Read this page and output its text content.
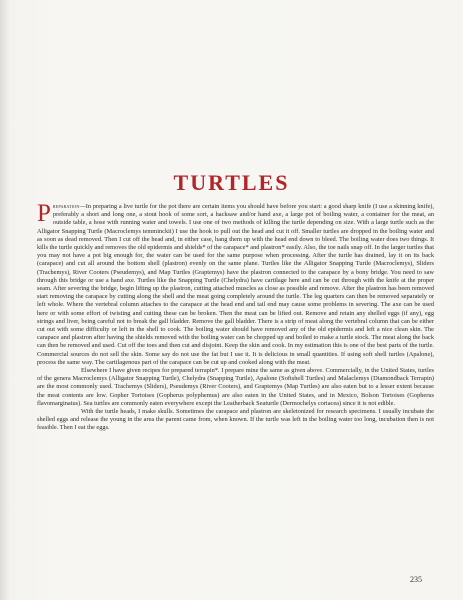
TURTLES

Preparation—In preparing a live turtle for the pot there are certain items you should have before you start: a good sharp knife (I use a skinning knife), preferably a short and long one, a stout hook of some sort, a hacksaw and/or hand axe, a large pot of boiling water, a container for the meat, an outside table, a hose with running water and towels. I use one of two methods of killing the turtle depending on size. With a large turtle such as the Alligator Snapping Turtle (Macroclemys temminckii) I use the hook to pull out the head and cut it off. Smaller turtles are dropped in the boiling water and as soon as dead removed. Then I cut off the head and, in either case, hang them up with the head end down to bleed. The boiling water does two things. It kills the turtle quickly and removes the old epidermis and shields* of the carapace* and plastron* easily. Also, the toe nails snap off. In the larger turtles that you may not have a pot big enough for, the water can be used for the same purpose when processing. After the turtle has drained, lay it on its back (carapace) and cut all around the bottom shell (plastron) evenly on the same plane. Turtles like the Alligator Snapping Turtle (Macroclemys), Sliders (Trachemys), River Cooters (Pseudemys), and Map Turtles (Graptemys) have the plastron connected to the carapace by a bony bridge. You need to saw through this bridge or use a hand axe. Turtles like the Snapping Turtle (Chelydra) have cartilage here and can be cut through with the knife at the proper seam. After severing the bridge, begin lifting up the plastron, cutting attached muscles as close as possible and remove. After the plastron has been removed start removing the carapace by cutting along the shell and the meat going completely around the turtle. The leg quarters can then be removed separately or left whole. Where the vertebral column attaches to the carapace at the head end and tail end may cause some problems in severing. The axe can be used here or with some effort of twisting and cutting these can be broken. Then the meat can be lifted out. Remove and retain any shelled eggs (if any), egg strings and liver, being careful not to break the gall bladder. Remove the gall bladder. There is a strip of meat along the vertebral column that can be either cut out with some difficulty or left in the shell to cook. The boiling water should have removed any of the old epidermis and left a nice clean skin. The carapace and plastron after having the shields removed with the boiling water can be chopped up and boiled to make a turtle stock. The meat along the back can then be removed and used. Cut off the toes and then cut and disjoint. Keep the skin and cook. In my estimation this is one of the best parts of the turtle. Commercial sources do not sell the skin. Some say do not use the fat but I use it. It is delicious in small quantities. If using soft shell turtles (Apalone), process the same way. The cartilagenous part of the carapace can be cut up and cooked along with the meat.

Elsewhere I have given recipes for prepared terrapin*. I prepare mine the same as given above. Commercially, in the United States, turtles of the genera Macroclemys (Alligator Snapping Turtle), Chelydra (Snapping Turtle), Apalone (Softshell Turtles) and Malaclemys (Diamondback Terrapin) are the most commonly used. Trachemys (Sliders), Pseudemys (River Cooters), and Graptemys (Map Turtles) are also eaten but to a lesser extent because the meat contents are low. Gopher Tortoises (Gopherus polyphemus) are also eaten in the United States, and in Mexico, Bolson Tortoises (Gopherus flavomarginatus). Sea turtles are commonly eaten everywhere except the Leatherback Seaturtle (Dermochelys coriacea) since it is not edible.

With the turtle heads, I make skulls. Sometimes the carapace and plastron are skeletonized for research specimens. I usually incubate the shelled eggs and release the young in the area the parent came from, when known. If the turtle was left in the boiling water too long, incubation then is not feasible. Then I eat the eggs.

235
